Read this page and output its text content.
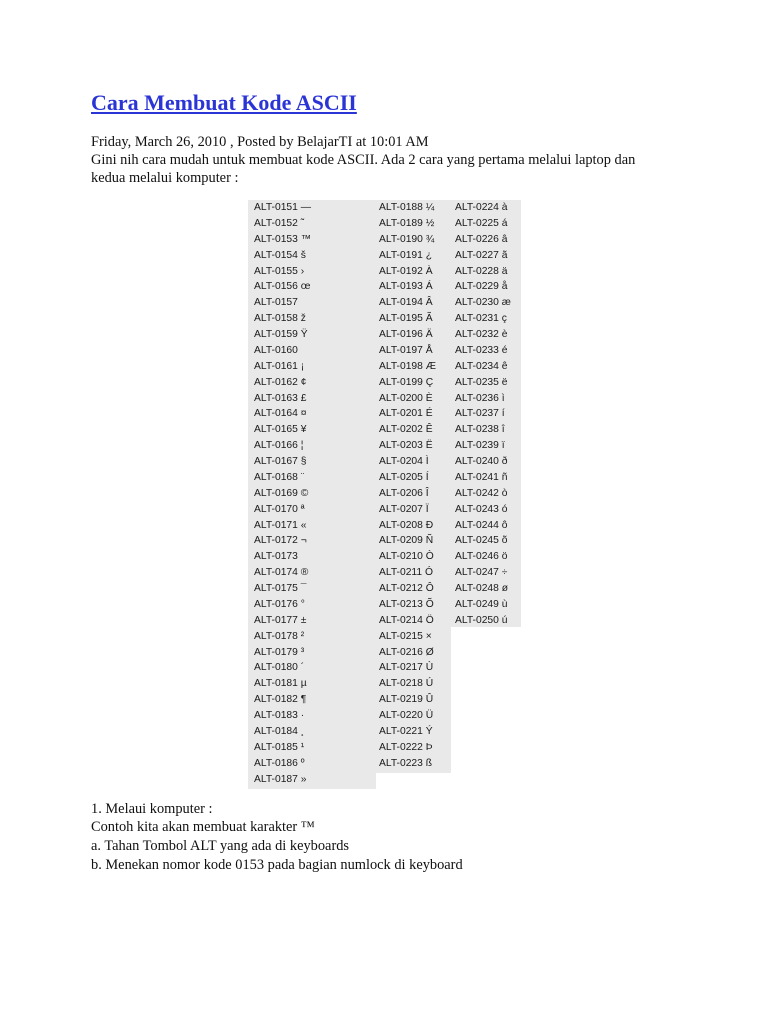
Cara Membuat Kode ASCII
Friday, March 26, 2010 , Posted by BelajarTI at 10:01 AM
Gini nih cara mudah untuk membuat kode ASCII. Ada 2 cara yang pertama melalui laptop dan
kedua melalui komputer :
ALT-0151 —
ALT-0152 ˜
ALT-0153 ™
ALT-0154 š
ALT-0155 ›
ALT-0156 œ
ALT-0157
ALT-0158 ž
ALT-0159 Ÿ
ALT-0160
ALT-0161 ¡
ALT-0162 ¢
ALT-0163 £
ALT-0164 ¤
ALT-0165 ¥
ALT-0166 ¦
ALT-0167 §
ALT-0168 ¨
ALT-0169 ©
ALT-0170 ª
ALT-0171 «
ALT-0172 ¬
ALT-0173
ALT-0174 ®
ALT-0175 ¯
ALT-0176 °
ALT-0177 ±
ALT-0178 ²
ALT-0179 ³
ALT-0180 ´
ALT-0181 µ
ALT-0182 ¶
ALT-0183 ·
ALT-0184 ¸
ALT-0185 ¹
ALT-0186 º
ALT-0187 »
ALT-0188 ¼
ALT-0189 ½
ALT-0190 ¾
ALT-0191 ¿
ALT-0192 À
ALT-0193 Á
ALT-0194 Â
ALT-0195 Ã
ALT-0196 Ä
ALT-0197 Å
ALT-0198 Æ
ALT-0199 Ç
ALT-0200 È
ALT-0201 É
ALT-0202 Ê
ALT-0203 Ë
ALT-0204 Ì
ALT-0205 Í
ALT-0206 Î
ALT-0207 Ï
ALT-0208 Ð
ALT-0209 Ñ
ALT-0210 Ò
ALT-0211 Ó
ALT-0212 Ô
ALT-0213 Õ
ALT-0214 Ö
ALT-0215 ×
ALT-0216 Ø
ALT-0217 Ù
ALT-0218 Ú
ALT-0219 Û
ALT-0220 Ü
ALT-0221 Ý
ALT-0222 Þ
ALT-0223 ß
ALT-0224 à
ALT-0225 á
ALT-0226 â
ALT-0227 ã
ALT-0228 ä
ALT-0229 å
ALT-0230 æ
ALT-0231 ç
ALT-0232 è
ALT-0233 é
ALT-0234 ê
ALT-0235 ë
ALT-0236 ì
ALT-0237 í
ALT-0238 î
ALT-0239 ï
ALT-0240 ð
ALT-0241 ñ
ALT-0242 ò
ALT-0243 ó
ALT-0244 ô
ALT-0245 õ
ALT-0246 ö
ALT-0247 ÷
ALT-0248 ø
ALT-0249 ù
ALT-0250 ú
1. Melaui komputer :
Contoh kita akan membuat karakter ™
a. Tahan Tombol ALT yang ada di keyboards
b. Menekan nomor kode 0153 pada bagian numlock di keyboard
